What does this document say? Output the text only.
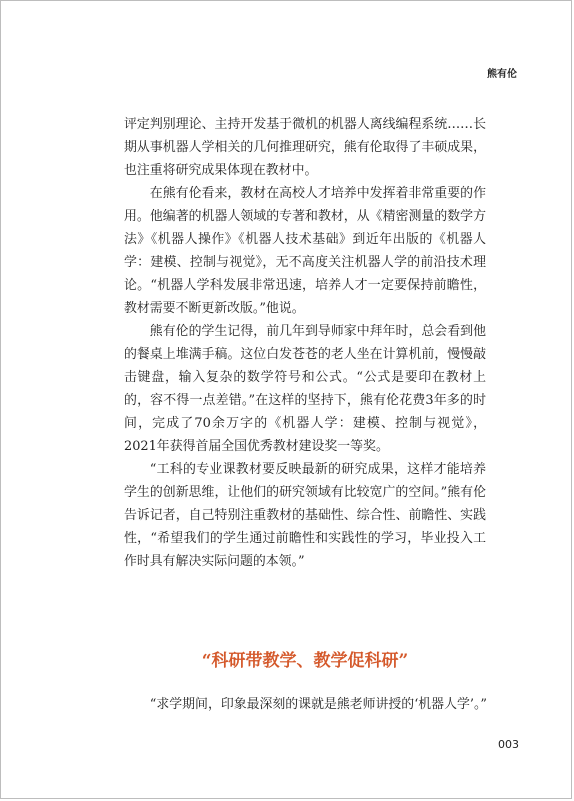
熊有伦

评定判别理论、主持开发基于微机的机器人离线编程系统……长期从事机器人学相关的几何推理研究，熊有伦取得了丰硕成果，也注重将研究成果体现在教材中。

在熊有伦看来，教材在高校人才培养中发挥着非常重要的作用。他编著的机器人领域的专著和教材，从《精密测量的数学方法》《机器人操作》《机器人技术基础》到近年出版的《机器人学：建模、控制与视觉》，无不高度关注机器人学的前沿技术理论。“机器人学科发展非常迅速，培养人才一定要保持前瞻性，教材需要不断更新改版。”他说。

熊有伦的学生记得，前几年到导师家中拜年时，总会看到他的餐桌上堆满手稿。这位白发苍苍的老人坐在计算机前，慢慢敲击键盘，输入复杂的数学符号和公式。“公式是要印在教材上的，容不得一点差错。”在这样的坚持下，熊有伦花费3年多的时间，完成了70余万字的《机器人学：建模、控制与视觉》，2021年获得首届全国优秀教材建设奖一等奖。

“工科的专业课教材要反映最新的研究成果，这样才能培养学生的创新思维，让他们的研究领域有比较宽广的空间。”熊有伦告诉记者，自己特别注重教材的基础性、综合性、前瞻性、实践性，“希望我们的学生通过前瞻性和实践性的学习，毕业投入工作时具有解决实际问题的本领。”

“科研带教学、教学促科研”
“求学期间，印象最深刻的课就是熊老师讲授的‘机器人学’。”
003
